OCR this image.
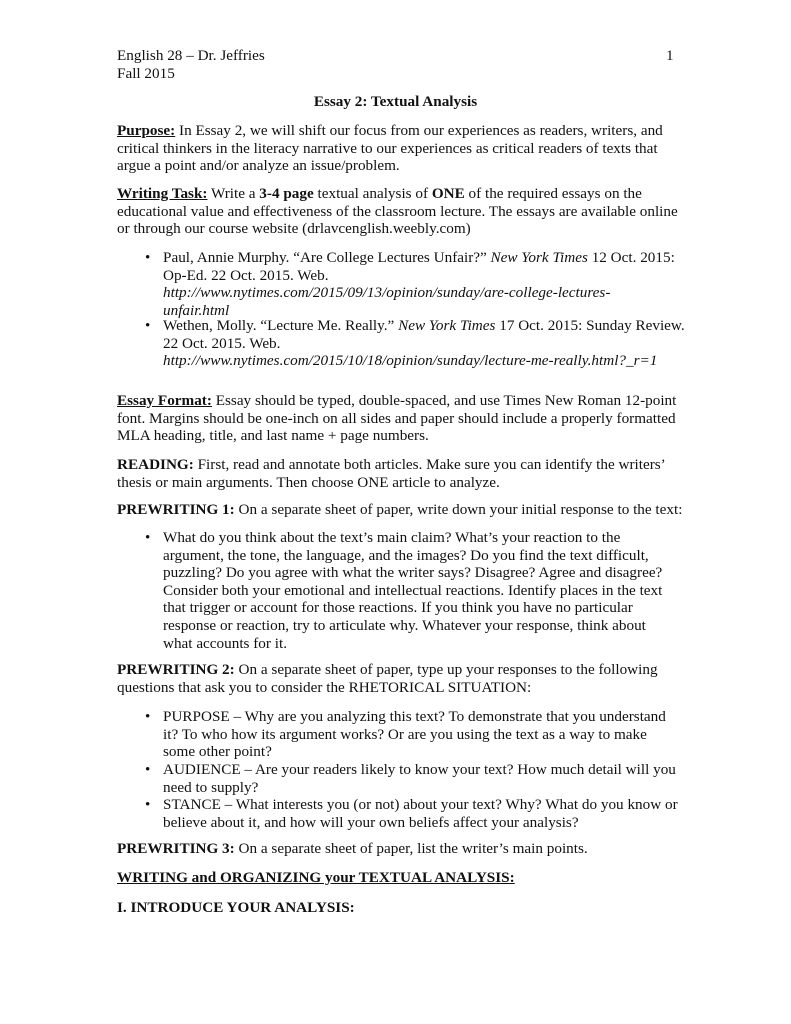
English 28 – Dr. Jeffries
Fall 2015
1
Essay 2: Textual Analysis
Purpose: In Essay 2, we will shift our focus from our experiences as readers, writers, and
critical thinkers in the literacy narrative to our experiences as critical readers of texts that
argue a point and/or analyze an issue/problem.
Writing Task: Write a 3-4 page textual analysis of ONE of the required essays on the
educational value and effectiveness of the classroom lecture. The essays are available online
or through our course website (drlavcenglish.weebly.com)
• Paul, Annie Murphy. “Are College Lectures Unfair?” New York Times 12 Oct. 2015:
Op-Ed. 22 Oct. 2015. Web.
http://www.nytimes.com/2015/09/13/opinion/sunday/are-college-lectures-
unfair.html
• Wethen, Molly. “Lecture Me. Really.” New York Times 17 Oct. 2015: Sunday Review.
22 Oct. 2015. Web.
http://www.nytimes.com/2015/10/18/opinion/sunday/lecture-me-really.html?_r=1
Essay Format: Essay should be typed, double-spaced, and use Times New Roman 12-point
font. Margins should be one-inch on all sides and paper should include a properly formatted
MLA heading, title, and last name + page numbers.
READING: First, read and annotate both articles. Make sure you can identify the writers’
thesis or main arguments. Then choose ONE article to analyze.
PREWRITING 1: On a separate sheet of paper, write down your initial response to the text:
• What do you think about the text’s main claim? What’s your reaction to the
argument, the tone, the language, and the images? Do you find the text difficult,
puzzling? Do you agree with what the writer says? Disagree? Agree and disagree?
Consider both your emotional and intellectual reactions. Identify places in the text
that trigger or account for those reactions. If you think you have no particular
response or reaction, try to articulate why. Whatever your response, think about
what accounts for it.
PREWRITING 2: On a separate sheet of paper, type up your responses to the following
questions that ask you to consider the RHETORICAL SITUATION:
• PURPOSE – Why are you analyzing this text? To demonstrate that you understand
it? To who how its argument works? Or are you using the text as a way to make
some other point?
• AUDIENCE – Are your readers likely to know your text? How much detail will you
need to supply?
• STANCE – What interests you (or not) about your text? Why? What do you know or
believe about it, and how will your own beliefs affect your analysis?
PREWRITING 3: On a separate sheet of paper, list the writer’s main points.
WRITING and ORGANIZING your TEXTUAL ANALYSIS:
I. INTRODUCE YOUR ANALYSIS:
